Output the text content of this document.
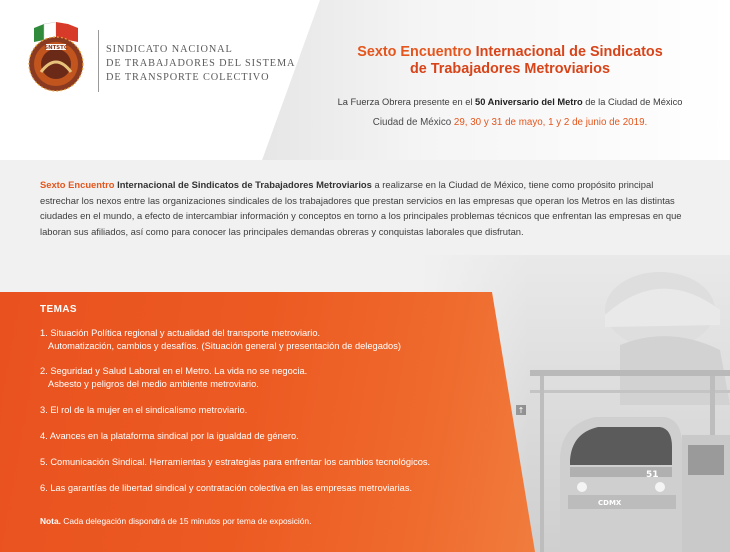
SNTSTC	SINDICATO NACIONAL
DE TRABAJADORES DEL SISTEMA
DE TRANSPORTE COLECTIVO
Sexto Encuentro Internacional de Sindicatos
de Trabajadores Metroviarios
La Fuerza Obrera presente en el 50 Aniversario del Metro de la Ciudad de México
Ciudad de México 29, 30 y 31 de mayo, 1 y 2 de junio de 2019.
Sexto Encuentro Internacional de Sindicatos de Trabajadores Metroviarios a realizarse en la Ciudad de México, tiene como propósito principal estrechar los nexos entre las organizaciones sindicales de los trabajadores que prestan servicios en las empresas que operan los Metros en las distintas ciudades en el mundo, a efecto de intercambiar información y conceptos en torno a los principales problemas técnicos que enfrentan las empresas en que laboran sus afiliados, así como para conocer las principales demandas obreras y conquistas laborales que disfrutan.
TEMAS
1. Situación Política regional y actualidad del transporte metroviario.
Automatización, cambios y desafíos. (Situación general y presentación de delegados)
2. Seguridad y Salud Laboral en el Metro. La vida no se negocia.
Asbesto y peligros del medio ambiente metroviario.
3. El rol de la mujer en el sindicalismo metroviario.
4. Avances en la plataforma sindical por la igualdad de género.
5. Comunicación Sindical. Herramientas y estrategias para enfrentar los cambios tecnológicos.
6. Las garantías de libertad sindical y contratación colectiva en las empresas metroviarias.
Nota. Cada delegación dispondrá de 15 minutos por tema de exposición.
